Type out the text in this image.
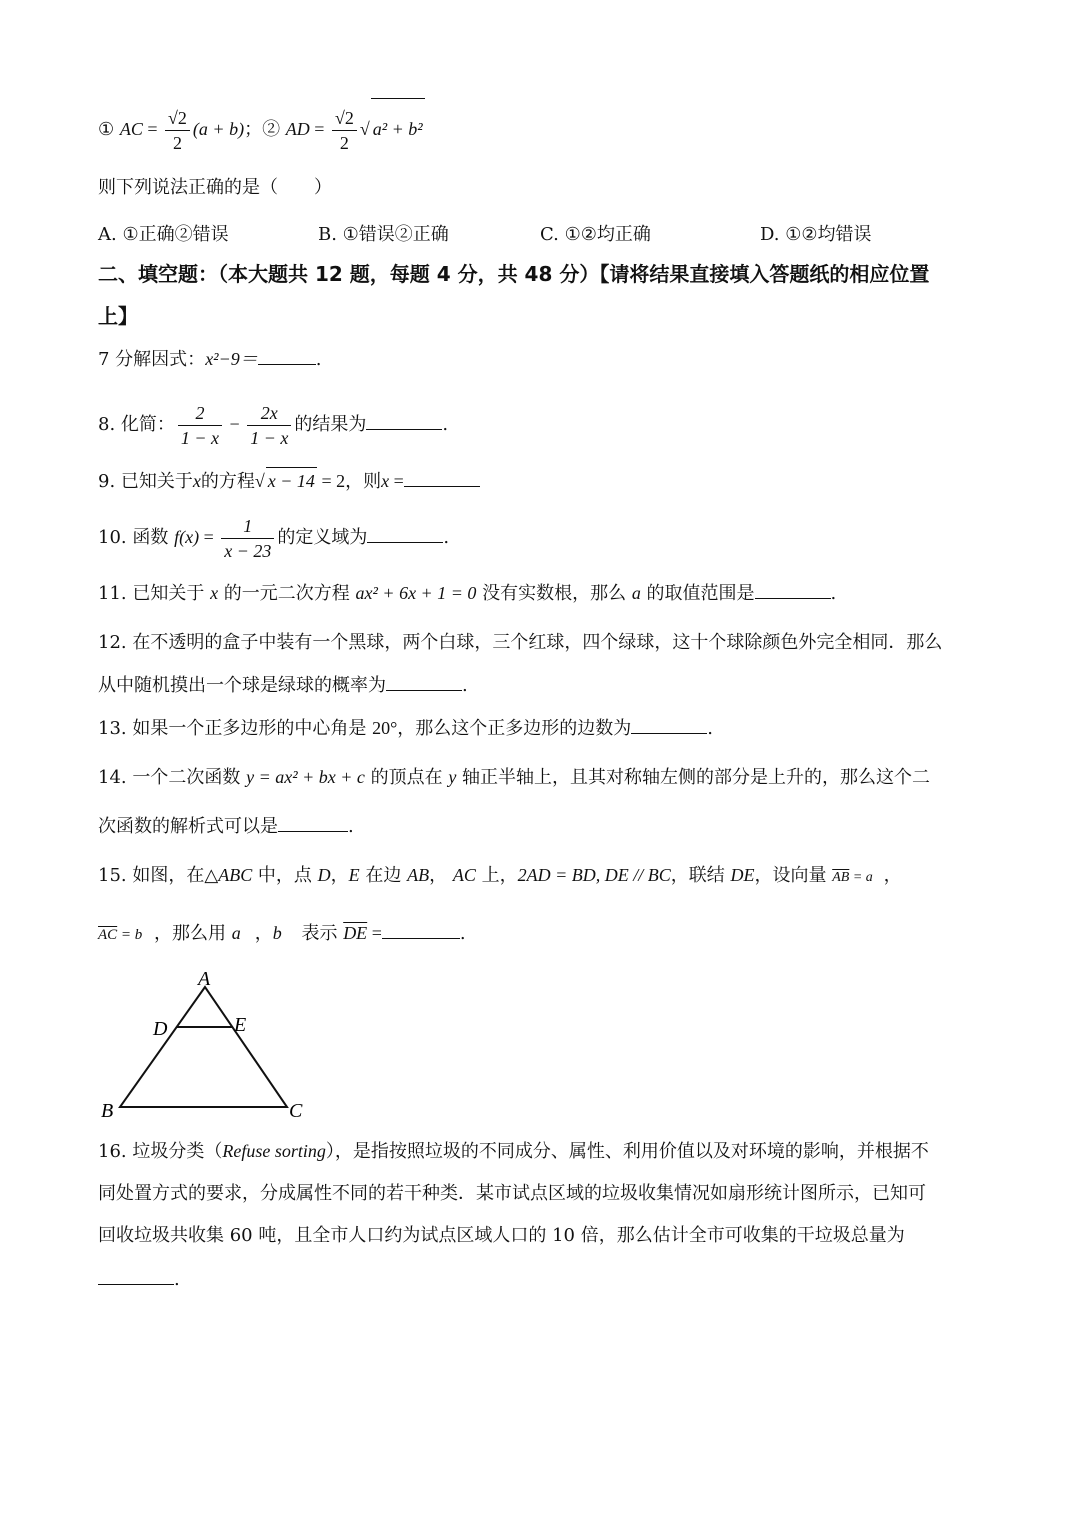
① AC = $\frac{√2}{2} (a + b)$；② AD = $\frac{√2}{2}$ √ a² + b²
则下列说法正确的是（　　）
A. ①正确②错误	B. ①错误②正确	C. ①②均正确	D. ①②均错误
二、填空题：（本大题共 12 题，每题 4 分，共 48 分）【请将结果直接填入答题纸的相应位置
上】
7 分解因式：x²−9＝	.
8. 化简： $\frac{2}{1 - x} - \frac{2x}{1 - x}$ 的结果为	.
9. 已知关于x的方程√ x − 14 = 2，则x =
10. 函数 $f(x) = \frac{1}{x - 23}$ 的定义域为	.
11. 已知关于 x 的一元二次方程 ax² + 6x + 1 = 0 没有实数根，那么 a 的取值范围是	.
12. 在不透明的盒子中装有一个黑球，两个白球，三个红球，四个绿球，这十个球除颜色外完全相同．那么
从中随机摸出一个球是绿球的概率为	.
13. 如果一个正多边形的中心角是 20°，那么这个正多边形的边数为	.
14. 一个二次函数 y = ax² + bx + c 的顶点在 y 轴正半轴上，且其对称轴左侧的部分是上升的，那么这个二
次函数的解析式可以是	.
15. 如图，在△ABC 中，点 D，E 在边 AB， AC 上，2AD = BD, DE // BC，联结 DE，设向量 $\overline{AB}$ = a⃗，
$\overline{AC}$ = b⃗，那么用 a⃗，b⃗ 表示 $\overline{DE}$ =	.
A
D	E
B	C
16. 垃圾分类（Refuse sorting），是指按照垃圾的不同成分、属性、利用价值以及对环境的影响，并根据不
同处置方式的要求，分成属性不同的若干种类．某市试点区域的垃圾收集情况如扇形统计图所示，已知可
回收垃圾共收集 60 吨，且全市人口约为试点区域人口的 10 倍，那么估计全市可收集的干垃圾总量为
.
